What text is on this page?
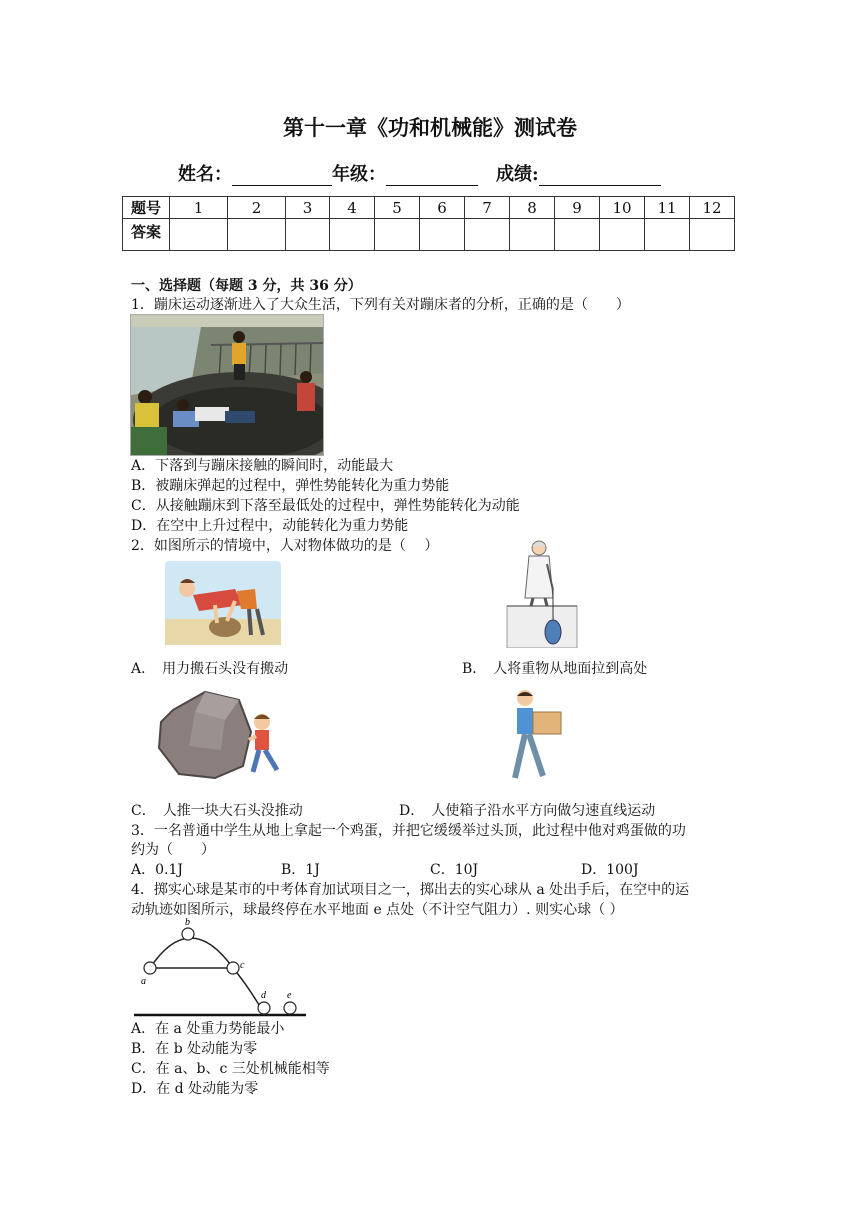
第十一章《功和机械能》测试卷
姓名：	年级：	成绩:
题号	1	2	3	4	5	6	7	8	9	10	11	12
答案												
一、选择题（每题 3 分，共 36 分）
1．蹦床运动逐渐进入了大众生活，下列有关对蹦床者的分析，正确的是（　　）
A．下落到与蹦床接触的瞬间时，动能最大
B．被蹦床弹起的过程中，弹性势能转化为重力势能
C．从接触蹦床到下落至最低处的过程中，弹性势能转化为动能
D．在空中上升过程中，动能转化为重力势能
2．如图所示的情境中，人对物体做功的是（　 ）
A．　用力搬石头没有搬动	B．　人将重物从地面拉到高处
C．　人推一块大石头没推动	D．　人使箱子沿水平方向做匀速直线运动
3．一名普通中学生从地上拿起一个鸡蛋，并把它缓缓举过头顶，此过程中他对鸡蛋做的功
约为（　　）
A．0.1J	B．1J	C．10J	D．100J
4．掷实心球是某市的中考体育加试项目之一，掷出去的实心球从 a 处出手后，在空中的运
动轨迹如图所示，球最终停在水平地面 e 点处（不计空气阻力）. 则实心球（ ）
a
b
c
d e
A．在 a 处重力势能最小
B．在 b 处动能为零
C．在 a、b、c 三处机械能相等
D．在 d 处动能为零
